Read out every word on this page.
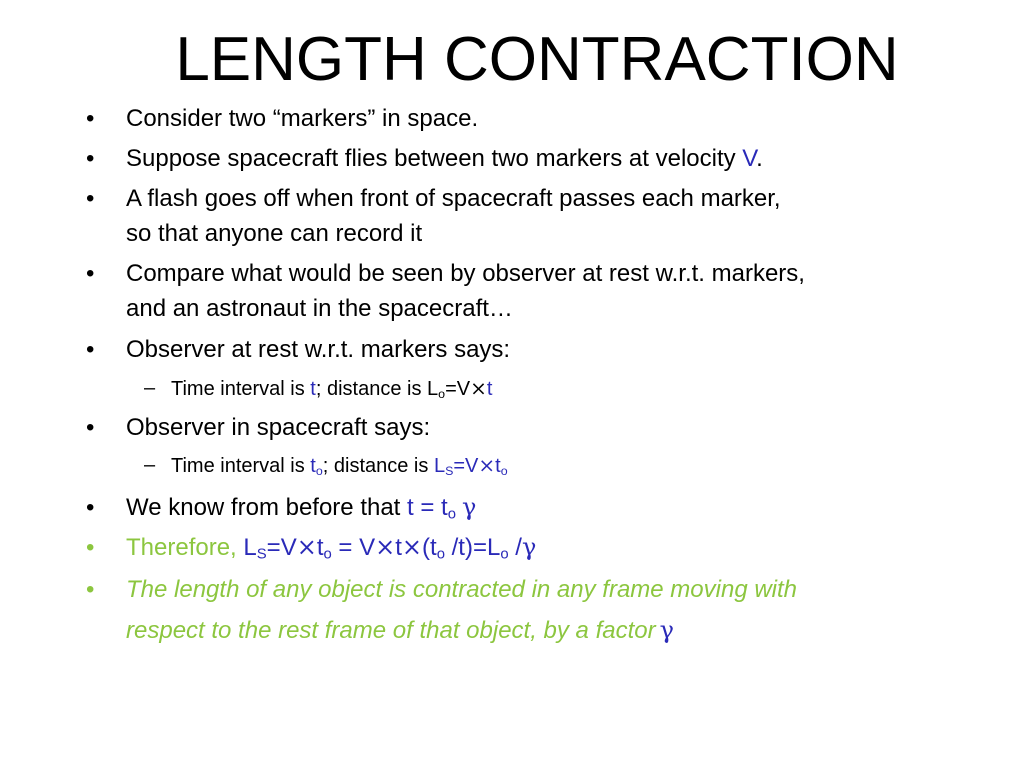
LENGTH CONTRACTION
• Consider two “markers” in space.
• Suppose spacecraft flies between two markers at velocity V.
• A flash goes off when front of spacecraft passes each marker,
so that anyone can record it
• Compare what would be seen by observer at rest w.r.t. markers,
and an astronaut in the spacecraft…
• Observer at rest w.r.t. markers says:
– Time interval is t; distance is $L_o=V\times t$
• Observer in spacecraft says:
– Time interval is $t_o$; distance is $L_S=V\times t_o$
• We know from before that $t = t_o$ γ
• Therefore, $L_S=V\times t_o = V\times t\times(t_o$ $/t)=L_o$ /γ
• The length of any object is contracted in any frame moving with
respect to the rest frame of that object, by a factor γ
